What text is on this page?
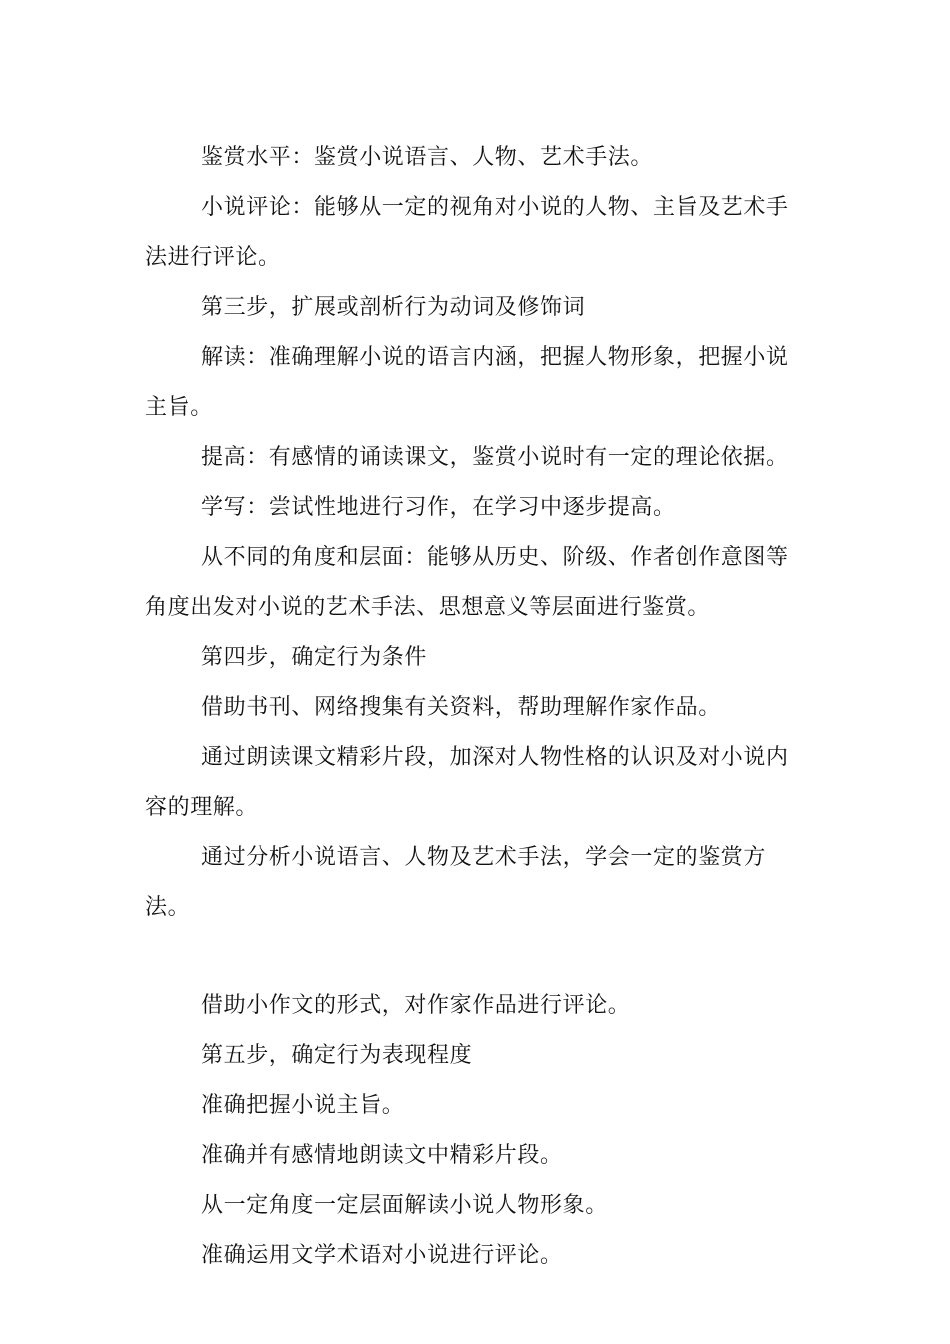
鉴赏水平：鉴赏小说语言、人物、艺术手法。

小说评论：能够从一定的视角对小说的人物、主旨及艺术手法进行评论。

第三步，扩展或剖析行为动词及修饰词

解读：准确理解小说的语言内涵，把握人物形象，把握小说主旨。

提高：有感情的诵读课文，鉴赏小说时有一定的理论依据。

学写：尝试性地进行习作，在学习中逐步提高。

从不同的角度和层面：能够从历史、阶级、作者创作意图等角度出发对小说的艺术手法、思想意义等层面进行鉴赏。

第四步，确定行为条件

借助书刊、网络搜集有关资料，帮助理解作家作品。

通过朗读课文精彩片段，加深对人物性格的认识及对小说内容的理解。

通过分析小说语言、人物及艺术手法，学会一定的鉴赏方法。

借助小作文的形式，对作家作品进行评论。

第五步，确定行为表现程度

准确把握小说主旨。

准确并有感情地朗读文中精彩片段。

从一定角度一定层面解读小说人物形象。

准确运用文学术语对小说进行评论。
